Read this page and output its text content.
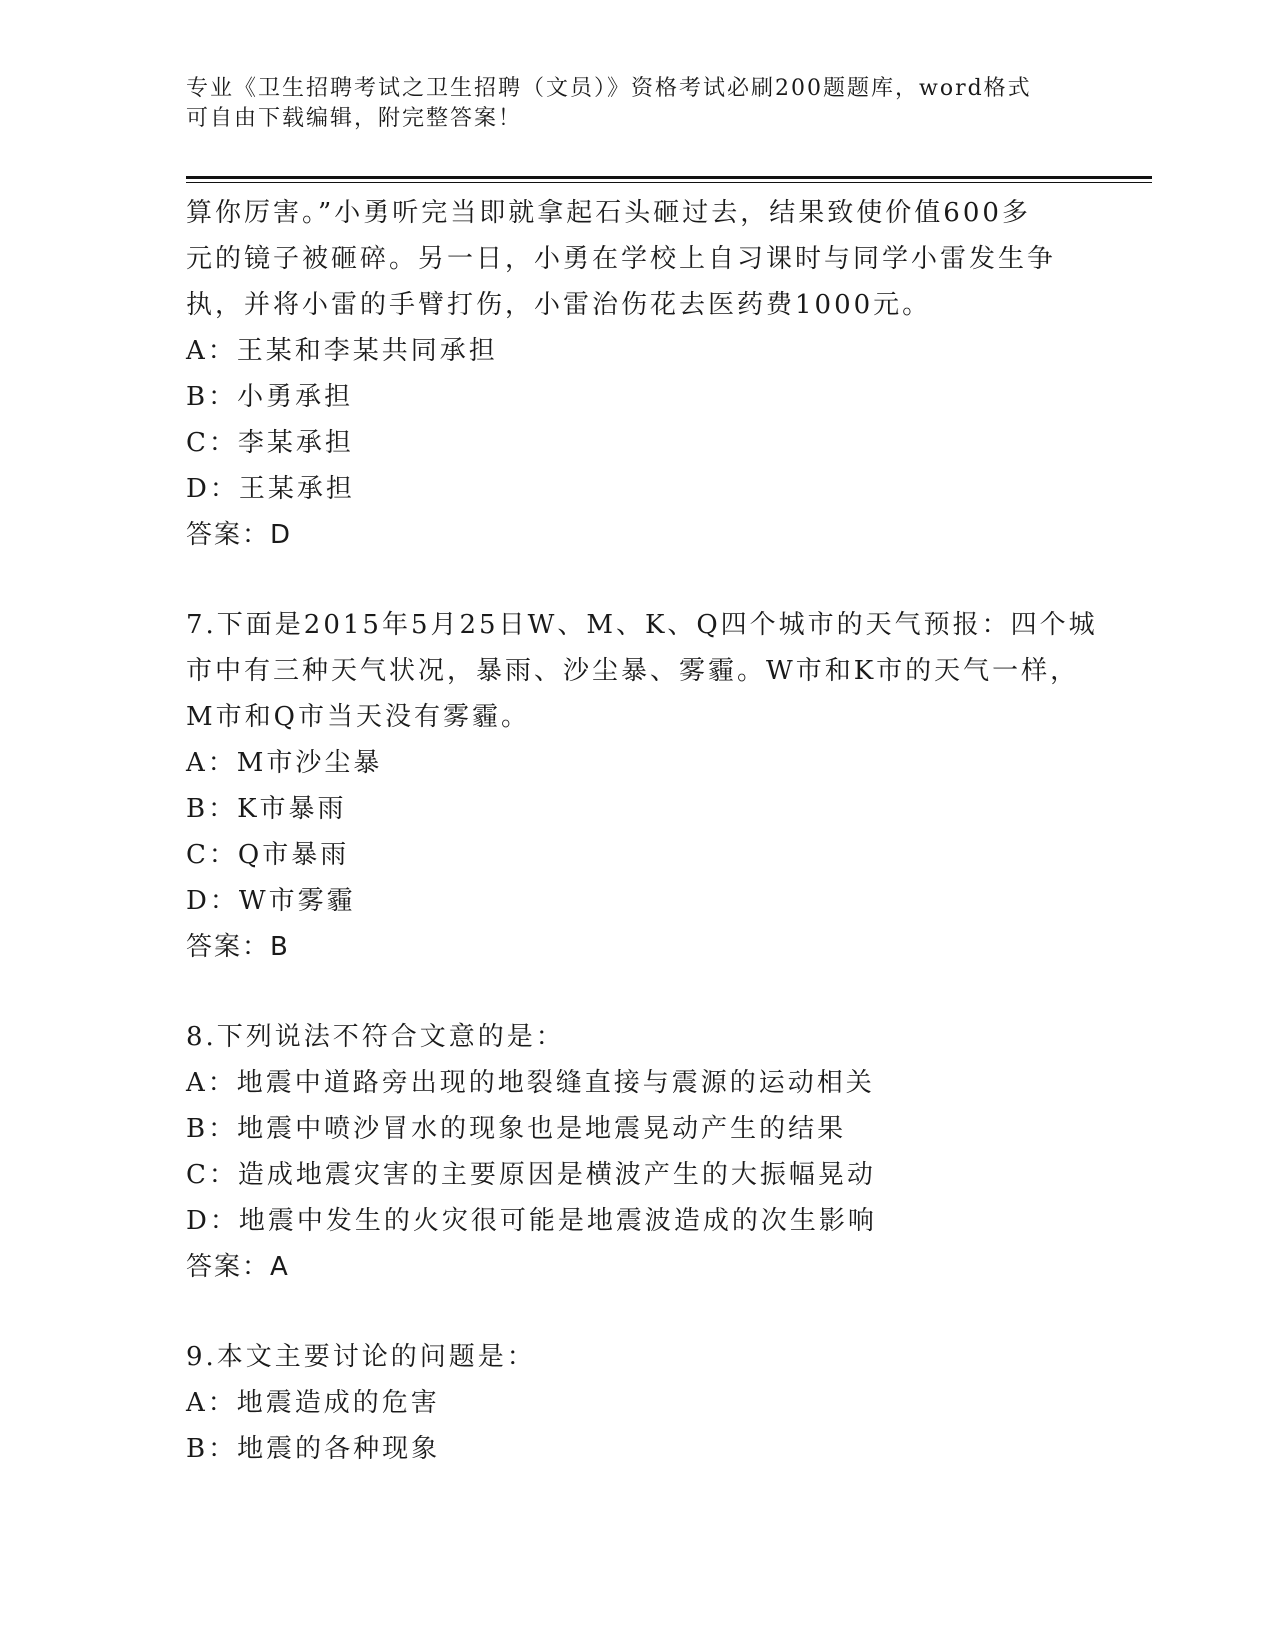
专业《卫生招聘考试之卫生招聘（文员）》资格考试必刷200题题库，word格式
可自由下载编辑，附完整答案！
算你厉害。”小勇听完当即就拿起石头砸过去，结果致使价值600多
元的镜子被砸碎。另一日，小勇在学校上自习课时与同学小雷发生争
执，并将小雷的手臂打伤，小雷治伤花去医药费1000元。
A：王某和李某共同承担
B：小勇承担
C：李某承担
D：王某承担
答案：D
7.下面是2015年5月25日W、M、K、Q四个城市的天气预报：四个城
市中有三种天气状况，暴雨、沙尘暴、雾霾。W市和K市的天气一样，
M市和Q市当天没有雾霾。
A：M市沙尘暴
B：K市暴雨
C：Q市暴雨
D：W市雾霾
答案：B
8.下列说法不符合文意的是：
A：地震中道路旁出现的地裂缝直接与震源的运动相关
B：地震中喷沙冒水的现象也是地震晃动产生的结果
C：造成地震灾害的主要原因是横波产生的大振幅晃动
D：地震中发生的火灾很可能是地震波造成的次生影响
答案：A
9.本文主要讨论的问题是：
A：地震造成的危害
B：地震的各种现象
